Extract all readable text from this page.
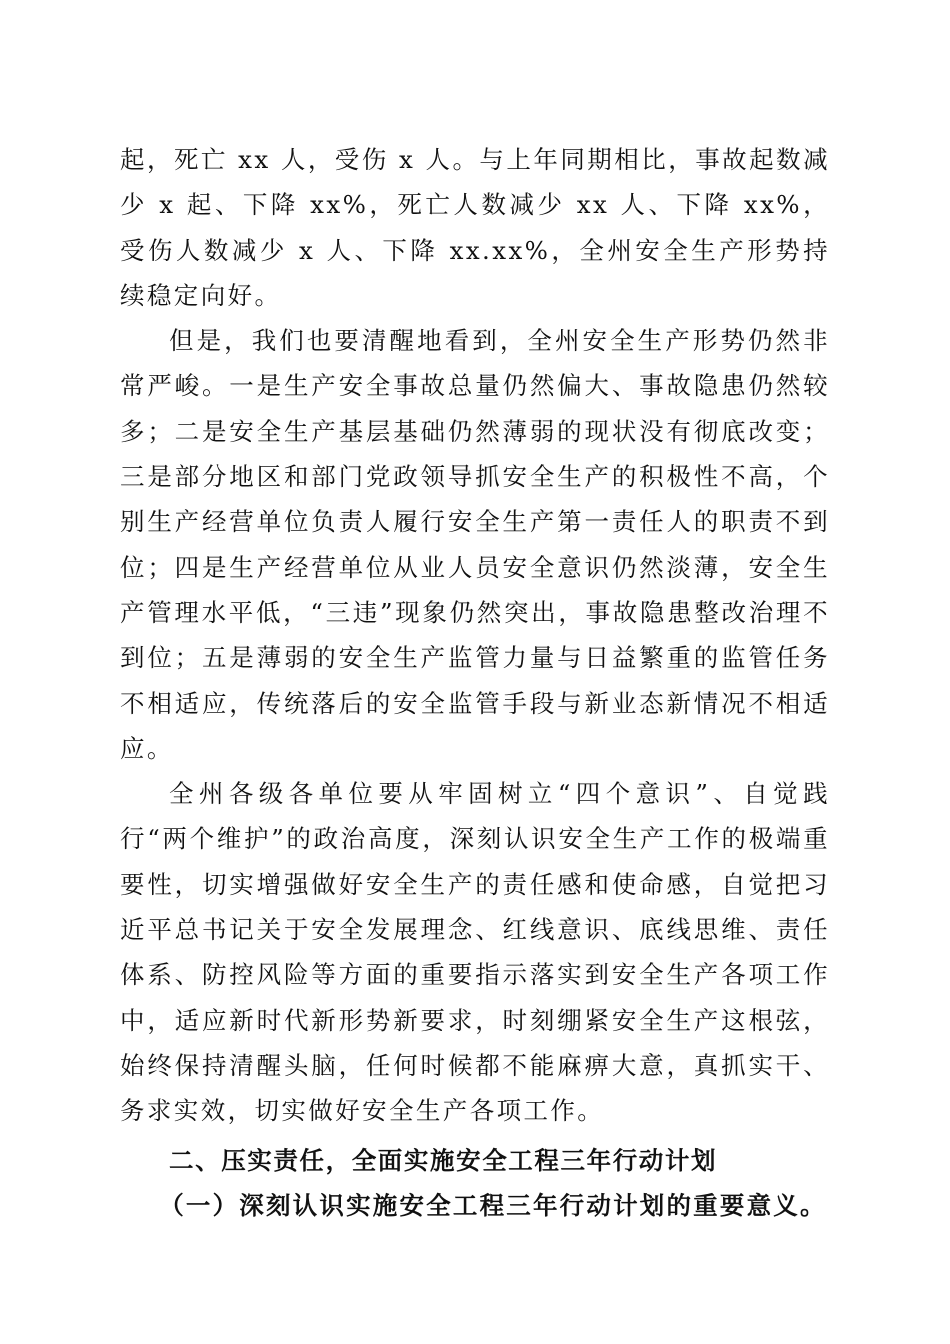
起，死亡 xx 人，受伤 x 人。与上年同期相比，事故起数减少 x 起、下降 xx%，死亡人数减少 xx 人、下降 xx%，受伤人数减少 x 人、下降 xx.xx%，全州安全生产形势持续稳定向好。

但是，我们也要清醒地看到，全州安全生产形势仍然非常严峻。一是生产安全事故总量仍然偏大、事故隐患仍然较多；二是安全生产基层基础仍然薄弱的现状没有彻底改变；三是部分地区和部门党政领导抓安全生产的积极性不高，个别生产经营单位负责人履行安全生产第一责任人的职责不到位；四是生产经营单位从业人员安全意识仍然淡薄，安全生产管理水平低，“三违”现象仍然突出，事故隐患整改治理不到位；五是薄弱的安全生产监管力量与日益繁重的监管任务不相适应，传统落后的安全监管手段与新业态新情况不相适应。

全州各级各单位要从牢固树立“四个意识”、自觉践行“两个维护”的政治高度，深刻认识安全生产工作的极端重要性，切实增强做好安全生产的责任感和使命感，自觉把习近平总书记关于安全发展理念、红线意识、底线思维、责任体系、防控风险等方面的重要指示落实到安全生产各项工作中，适应新时代新形势新要求，时刻绷紧安全生产这根弦，始终保持清醒头脑，任何时候都不能麻痹大意，真抓实干、务求实效，切实做好安全生产各项工作。

二、压实责任，全面实施安全工程三年行动计划

（一）深刻认识实施安全工程三年行动计划的重要意义。
